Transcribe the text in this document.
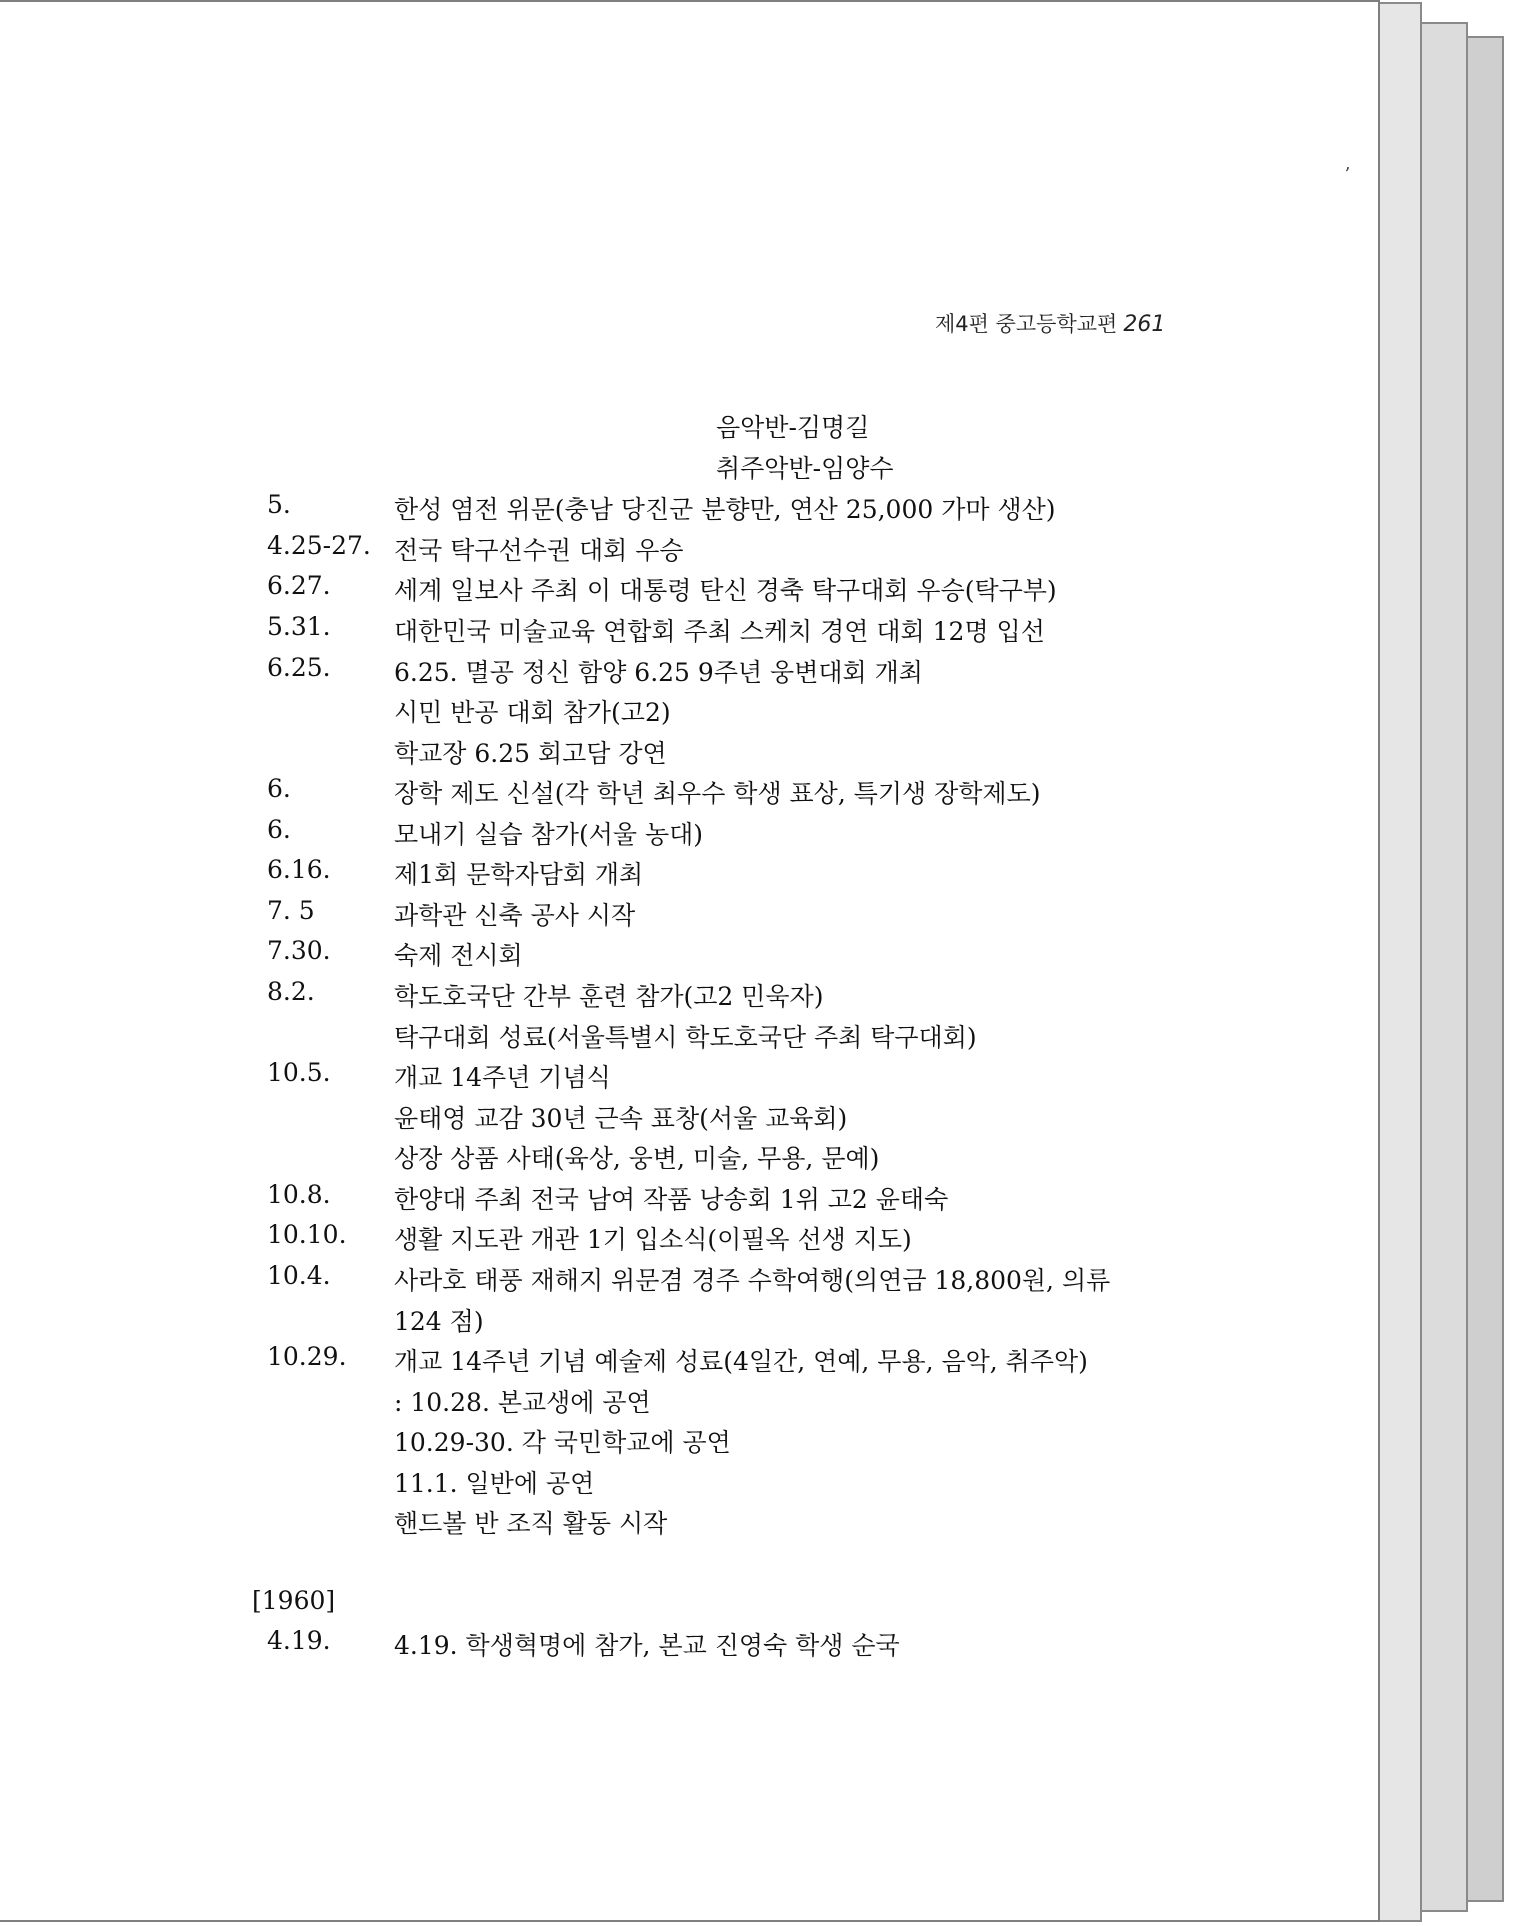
ʼ
제4편 중고등학교편 261
음악반-김명길
취주악반-임양수
5.	한성 염전 위문(충남 당진군 분향만, 연산 25,000 가마 생산)
4.25-27. 전국 탁구선수권 대회 우승
6.27.	세계 일보사 주최 이 대통령 탄신 경축 탁구대회 우승(탁구부)
5.31.	대한민국 미술교육 연합회 주최 스케치 경연 대회 12명 입선
6.25.	6.25. 멸공 정신 함양 6.25 9주년 웅변대회 개최
시민 반공 대회 참가(고2)
학교장 6.25 회고담 강연
6.	장학 제도 신설(각 학년 최우수 학생 표상, 특기생 장학제도)
6.	모내기 실습 참가(서울 농대)
6.16.	제1회 문학자담회 개최
7. 5	과학관 신축 공사 시작
7.30.	숙제 전시회
8.2.	학도호국단 간부 훈련 참가(고2 민욱자)
탁구대회 성료(서울특별시 학도호국단 주최 탁구대회)
10.5.	개교 14주년 기념식
윤태영 교감 30년 근속 표창(서울 교육회)
상장 상품 사태(육상, 웅변, 미술, 무용, 문예)
10.8.	한양대 주최 전국 남여 작품 낭송회 1위 고2 윤태숙
10.10. 생활 지도관 개관 1기 입소식(이필옥 선생 지도)
10.4.	사라호 태풍 재해지 위문겸 경주 수학여행(의연금 18,800원, 의류
124 점)
10.29. 개교 14주년 기념 예술제 성료(4일간, 연예, 무용, 음악, 취주악)
: 10.28. 본교생에 공연
10.29-30. 각 국민학교에 공연
11.1. 일반에 공연
핸드볼 반 조직 활동 시작
[1960]
4.19.	4.19. 학생혁명에 참가, 본교 진영숙 학생 순국
